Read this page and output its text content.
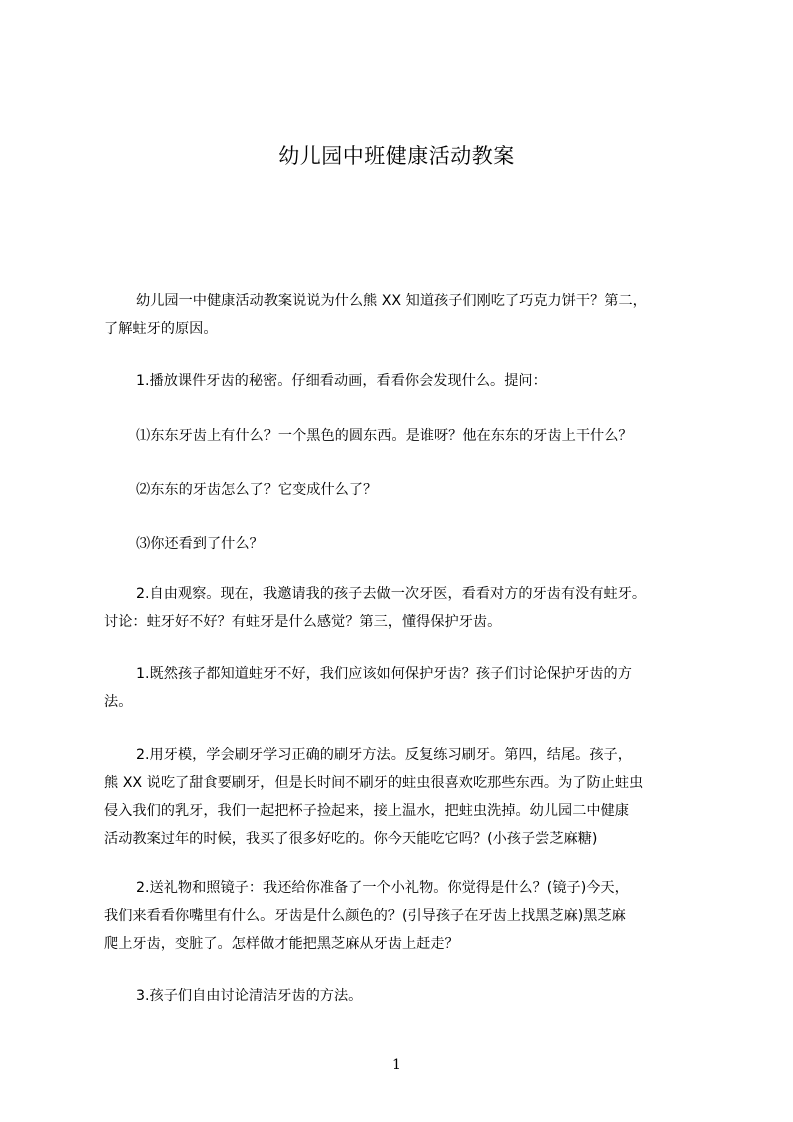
幼儿园中班健康活动教案
幼儿园一中健康活动教案说说为什么熊 XX 知道孩子们刚吃了巧克力饼干？第二，
了解蛀牙的原因。
1.播放课件牙齿的秘密。仔细看动画，看看你会发现什么。提问：
⑴东东牙齿上有什么？一个黑色的圆东西。是谁呀？他在东东的牙齿上干什么？
⑵东东的牙齿怎么了？它变成什么了？
⑶你还看到了什么？
2.自由观察。现在，我邀请我的孩子去做一次牙医，看看对方的牙齿有没有蛀牙。
讨论：蛀牙好不好？有蛀牙是什么感觉？第三，懂得保护牙齿。
1.既然孩子都知道蛀牙不好，我们应该如何保护牙齿？孩子们讨论保护牙齿的方
法。
2.用牙模，学会刷牙学习正确的刷牙方法。反复练习刷牙。第四，结尾。孩子，
熊 XX 说吃了甜食要刷牙，但是长时间不刷牙的蛀虫很喜欢吃那些东西。为了防止蛀虫
侵入我们的乳牙，我们一起把杯子捡起来，接上温水，把蛀虫洗掉。幼儿园二中健康
活动教案过年的时候，我买了很多好吃的。你今天能吃它吗？(小孩子尝芝麻糖)
2.送礼物和照镜子：我还给你准备了一个小礼物。你觉得是什么？(镜子)今天，
我们来看看你嘴里有什么。牙齿是什么颜色的？(引导孩子在牙齿上找黑芝麻)黑芝麻
爬上牙齿，变脏了。怎样做才能把黑芝麻从牙齿上赶走？
3.孩子们自由讨论清洁牙齿的方法。
1
